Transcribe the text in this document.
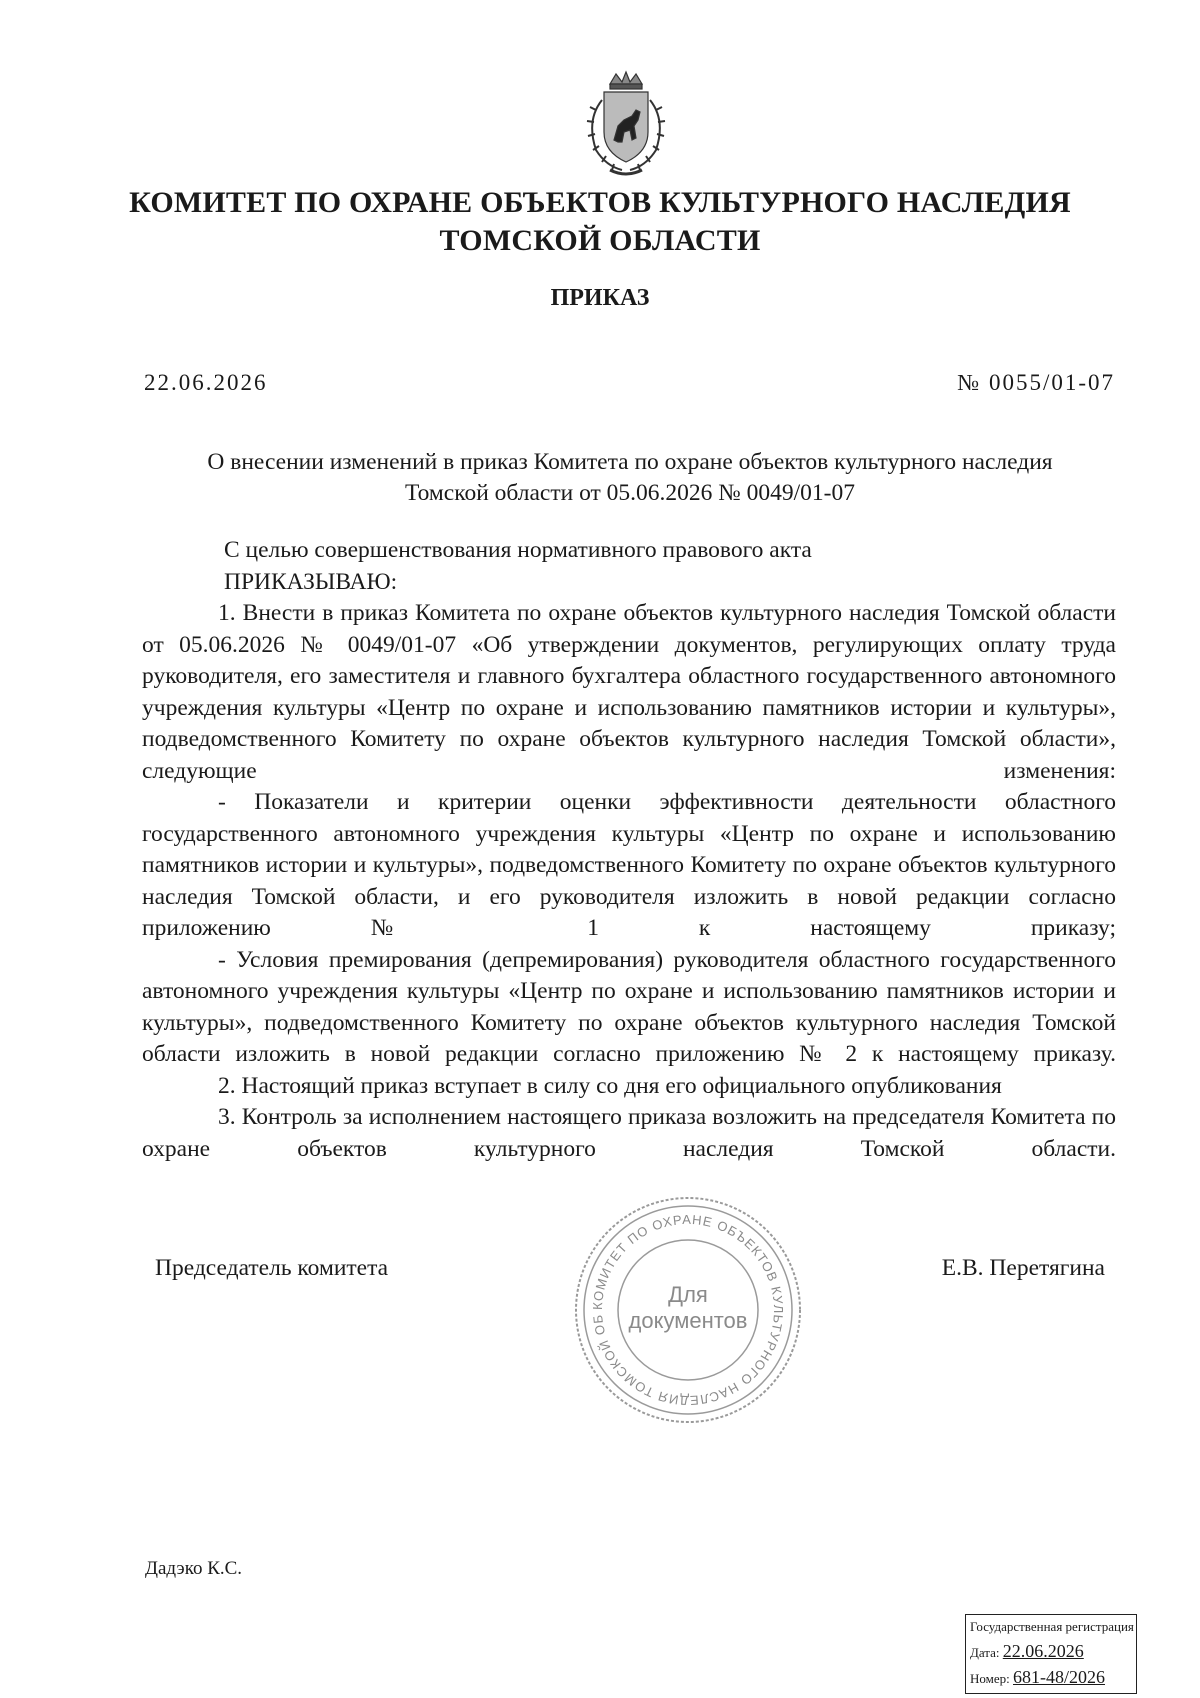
КОМИТЕТ ПО ОХРАНЕ ОБЪЕКТОВ КУЛЬТУРНОГО НАСЛЕДИЯ
ТОМСКОЙ ОБЛАСТИ
ПРИКАЗ
22.06.2026	№ 0055/01-07
О внесении изменений в приказ Комитета по охране объектов культурного наследия
Томской области от 05.06.2026 № 0049/01-07
С целью совершенствования нормативного правового акта
ПРИКАЗЫВАЮ:
1. Внести в приказ Комитета по охране объектов культурного наследия Томской области от 05.06.2026 № 0049/01-07 «Об утверждении документов, регулирующих оплату труда руководителя, его заместителя и главного бухгалтера областного государственного автономного учреждения культуры «Центр по охране и использованию памятников истории и культуры», подведомственного Комитету по охране объектов культурного наследия Томской области», следующие изменения:
- Показатели и критерии оценки эффективности деятельности областного государственного автономного учреждения культуры «Центр по охране и использованию памятников истории и культуры», подведомственного Комитету по охране объектов культурного наследия Томской области, и его руководителя изложить в новой редакции согласно приложению № 1 к настоящему приказу;
- Условия премирования (депремирования) руководителя областного государственного автономного учреждения культуры «Центр по охране и использованию памятников истории и культуры», подведомственного Комитету по охране объектов культурного наследия Томской области изложить в новой редакции согласно приложению № 2 к настоящему приказу.
2. Настоящий приказ вступает в силу со дня его официального опубликования
3. Контроль за исполнением настоящего приказа возложить на председателя Комитета по охране объектов культурного наследия Томской области.
Председатель комитета	Е.В. Перетягина
КОМИТЕТ ПО ОХРАНЕ ОБЪЕКТОВ КУЛЬТУРНОГО НАСЛЕДИЯ ТОМСКОЙ ОБ
Для
документов
Дадэко К.С.
Государственная регистрация
Дата: 22.06.2026
Номер: 681-48/2026
